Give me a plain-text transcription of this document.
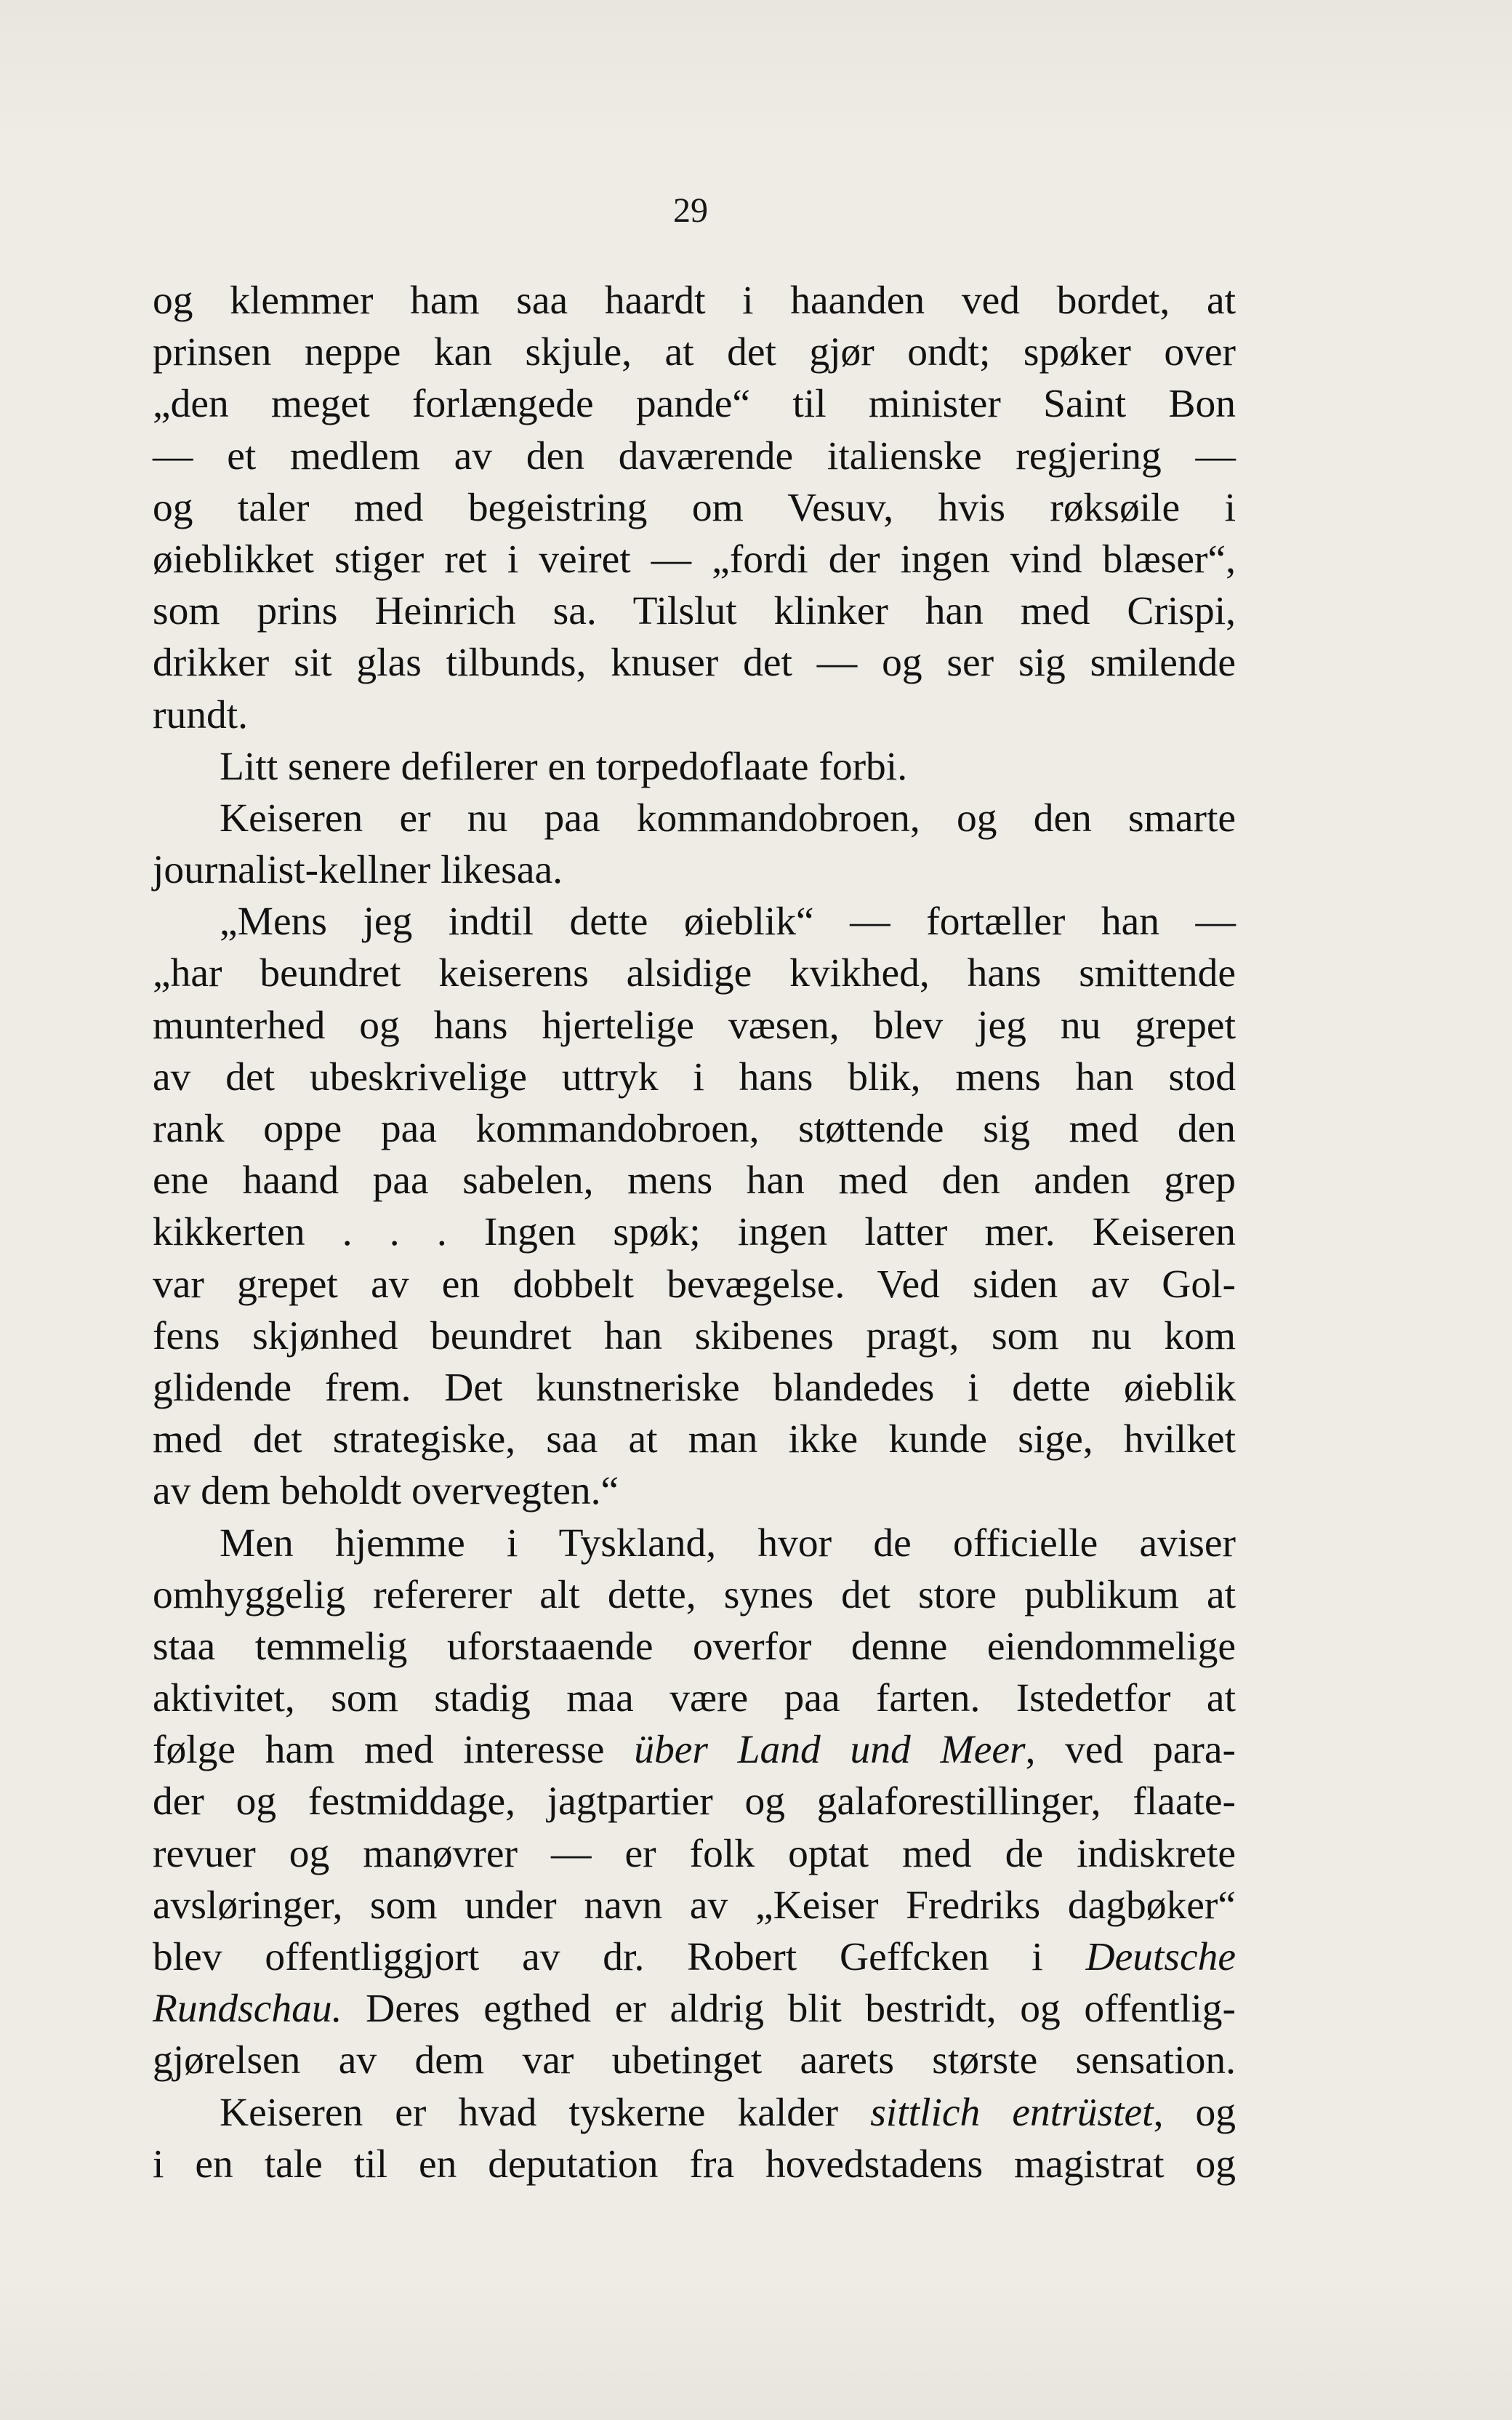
29
og klemmer ham saa haardt i haanden ved bordet, at
prinsen neppe kan skjule, at det gjør ondt; spøker over
„den meget forlængede pande“ til minister Saint Bon
— et medlem av den daværende italienske regjering —
og taler med begeistring om Vesuv, hvis røksøile i
øieblikket stiger ret i veiret — „fordi der ingen vind blæser“,
som prins Heinrich sa. Tilslut klinker han med Crispi,
drikker sit glas tilbunds, knuser det — og ser sig smilende
rundt.
Litt senere defilerer en torpedoflaate forbi.
Keiseren er nu paa kommandobroen, og den smarte
journalist-kellner likesaa.
„Mens jeg indtil dette øieblik“ — fortæller han —
„har beundret keiserens alsidige kvikhed, hans smittende
munterhed og hans hjertelige væsen, blev jeg nu grepet
av det ubeskrivelige uttryk i hans blik, mens han stod
rank oppe paa kommandobroen, støttende sig med den
ene haand paa sabelen, mens han med den anden grep
kikkerten . . . Ingen spøk; ingen latter mer. Keiseren
var grepet av en dobbelt bevægelse. Ved siden av Gol-
fens skjønhed beundret han skibenes pragt, som nu kom
glidende frem. Det kunstneriske blandedes i dette øieblik
med det strategiske, saa at man ikke kunde sige, hvilket
av dem beholdt overvegten.“
Men hjemme i Tyskland, hvor de officielle aviser
omhyggelig refererer alt dette, synes det store publikum at
staa temmelig uforstaaende overfor denne eiendommelige
aktivitet, som stadig maa være paa farten. Istedetfor at
følge ham med interesse über Land und Meer, ved para-
der og festmiddage, jagtpartier og galaforestillinger, flaate-
revuer og manøvrer — er folk optat med de indiskrete
avsløringer, som under navn av „Keiser Fredriks dagbøker“
blev offentliggjort av dr. Robert Geffcken i Deutsche
Rundschau. Deres egthed er aldrig blit bestridt, og offentlig-
gjørelsen av dem var ubetinget aarets største sensation.
Keiseren er hvad tyskerne kalder sittlich entrüstet, og
i en tale til en deputation fra hovedstadens magistrat og
